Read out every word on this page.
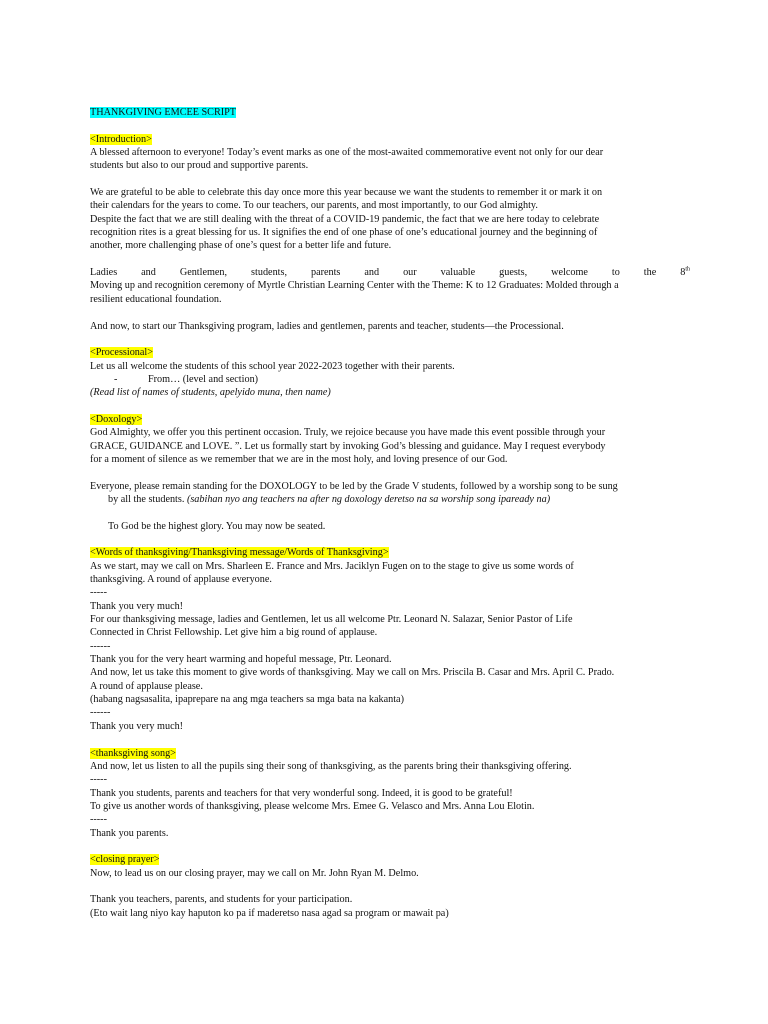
THANKGIVING EMCEE SCRIPT
<Introduction>
A blessed afternoon to everyone! Today’s event marks as one of the most-awaited commemorative event not only for our dear
students but also to our proud and supportive parents.
We are grateful to be able to celebrate this day once more this year because we want the students to remember it or mark it on
their calendars for the years to come. To our teachers, our parents, and most importantly, to our God almighty.
Despite the fact that we are still dealing with the threat of a COVID-19 pandemic, the fact that we are here today to celebrate
recognition rites is a great blessing for us. It signifies the end of one phase of one’s educational journey and the beginning of
another, more challenging phase of one’s quest for a better life and future.
Ladies and Gentlemen, students, parents and our valuable guests, welcome to the 8th
Moving up and recognition ceremony of Myrtle Christian Learning Center with the Theme: K to 12 Graduates: Molded through a
resilient educational foundation.
And now, to start our Thanksgiving program, ladies and gentlemen, parents and teacher, students—the Processional.
<Processional>
Let us all welcome the students of this school year 2022-2023 together with their parents.
-	From… (level and section)
(Read list of names of students, apelyido muna, then name)
<Doxology>
God Almighty, we offer you this pertinent occasion. Truly, we rejoice because you have made this event possible through your
GRACE, GUIDANCE and LOVE. ”. Let us formally start by invoking God’s blessing and guidance. May I request everybody
for a moment of silence as we remember that we are in the most holy, and loving presence of our God.
Everyone, please remain standing for the DOXOLOGY to be led by the Grade V students, followed by a worship song to be sung
by all the students. (sabihan nyo ang teachers na after ng doxology deretso na sa worship song ipaready na)
To God be the highest glory. You may now be seated.
<Words of thanksgiving/Thanksgiving message/Words of Thanksgiving>
As we start, may we call on Mrs. Sharleen E. France and Mrs. Jaciklyn Fugen on to the stage to give us some words of
thanksgiving. A round of applause everyone.
-----
Thank you very much!
For our thanksgiving message, ladies and Gentlemen, let us all welcome Ptr. Leonard N. Salazar, Senior Pastor of Life
Connected in Christ Fellowship. Let give him a big round of applause.
------
Thank you for the very heart warming and hopeful message, Ptr. Leonard.
And now, let us take this moment to give words of thanksgiving. May we call on Mrs. Priscila B. Casar and Mrs. April C. Prado.
A round of applause please.
(habang nagsasalita, ipaprepare na ang mga teachers sa mga bata na kakanta)
------
Thank you very much!
<thanksgiving song>
And now, let us listen to all the pupils sing their song of thanksgiving, as the parents bring their thanksgiving offering.
-----
Thank you students, parents and teachers for that very wonderful song. Indeed, it is good to be grateful!
To give us another words of thanksgiving, please welcome Mrs. Emee G. Velasco and Mrs. Anna Lou Elotin.
-----
Thank you parents.
<closing prayer>
Now, to lead us on our closing prayer, may we call on Mr. John Ryan M. Delmo.
Thank you teachers, parents, and students for your participation.
(Eto wait lang niyo kay haputon ko pa if maderetso nasa agad sa program or mawait pa)
